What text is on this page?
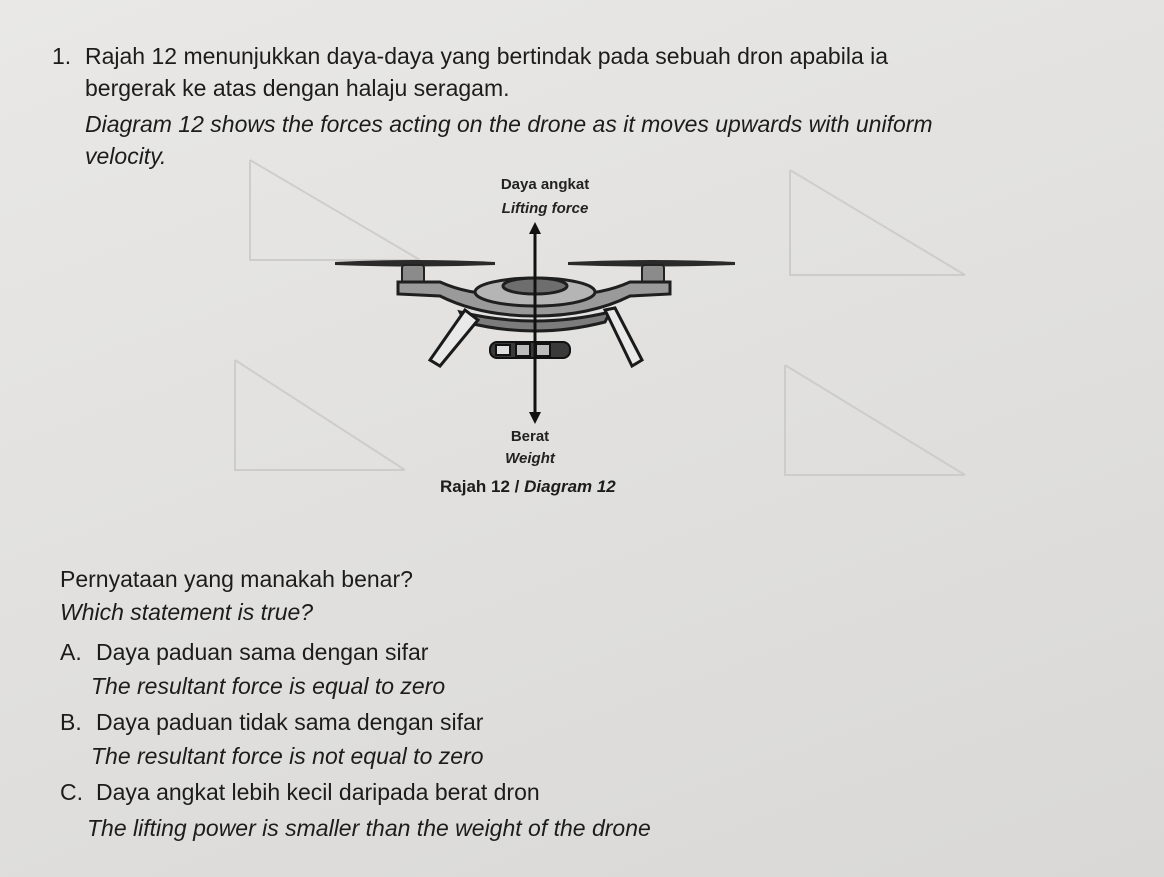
1. Rajah 12 menunjukkan daya-daya yang bertindak pada sebuah dron apabila ia
bergerak ke atas dengan halaju seragam.
Diagram 12 shows the forces acting on the drone as it moves upwards with uniform
velocity.
Daya angkat
Lifting force
Berat
Weight
Rajah 12 / Diagram 12
Pernyataan yang manakah benar?
Which statement is true?
A. Daya paduan sama dengan sifar
The resultant force is equal to zero
B. Daya paduan tidak sama dengan sifar
The resultant force is not equal to zero
C. Daya angkat lebih kecil daripada berat dron
The lifting power is smaller than the weight of the drone
